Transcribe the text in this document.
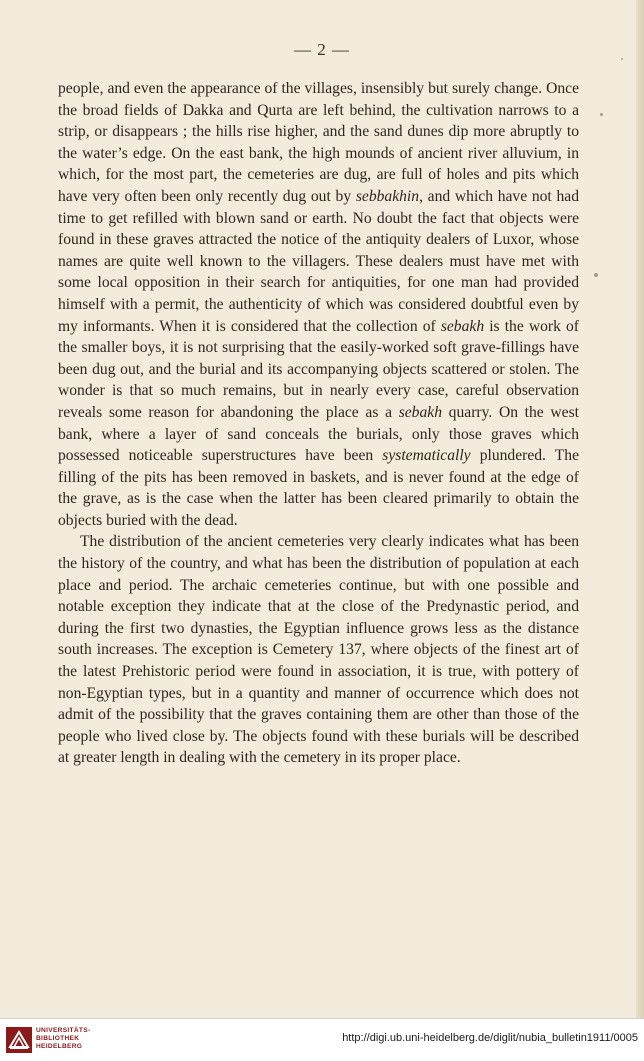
— 2 —

people, and even the appearance of the villages, insensibly but surely change. Once the broad fields of Dakka and Qurta are left behind, the cultivation narrows to a strip, or disappears ; the hills rise higher, and the sand dunes dip more abruptly to the water’s edge. On the east bank, the high mounds of ancient river alluvium, in which, for the most part, the cemeteries are dug, are full of holes and pits which have very often been only recently dug out by sebbakhin, and which have not had time to get refilled with blown sand or earth. No doubt the fact that objects were found in these graves attracted the notice of the antiquity dealers of Luxor, whose names are quite well known to the villagers. These dealers must have met with some local opposition in their search for antiquities, for one man had provided himself with a permit, the authenticity of which was considered doubtful even by my informants. When it is considered that the collection of sebakh is the work of the smaller boys, it is not surprising that the easily-worked soft grave-fillings have been dug out, and the burial and its accompanying objects scattered or stolen. The wonder is that so much remains, but in nearly every case, careful observation reveals some reason for abandoning the place as a sebakh quarry. On the west bank, where a layer of sand conceals the burials, only those graves which possessed noticeable superstructures have been systematically plundered. The filling of the pits has been removed in baskets, and is never found at the edge of the grave, as is the case when the latter has been cleared primarily to obtain the objects buried with the dead.

The distribution of the ancient cemeteries very clearly indicates what has been the history of the country, and what has been the distribution of population at each place and period. The archaic cemeteries continue, but with one possible and notable exception they indicate that at the close of the Predynastic period, and during the first two dynasties, the Egyptian influence grows less as the distance south increases. The exception is Cemetery 137, where objects of the finest art of the latest Prehistoric period were found in association, it is true, with pottery of non-Egyptian types, but in a quantity and manner of occurrence which does not admit of the possibility that the graves containing them are other than those of the people who lived close by. The objects found with these burials will be described at greater length in dealing with the cemetery in its proper place.

UNIVERSITÄTS-
BIBLIOTHEK
HEIDELBERG
http://digi.ub.uni-heidelberg.de/diglit/nubia_bulletin1911/0005
